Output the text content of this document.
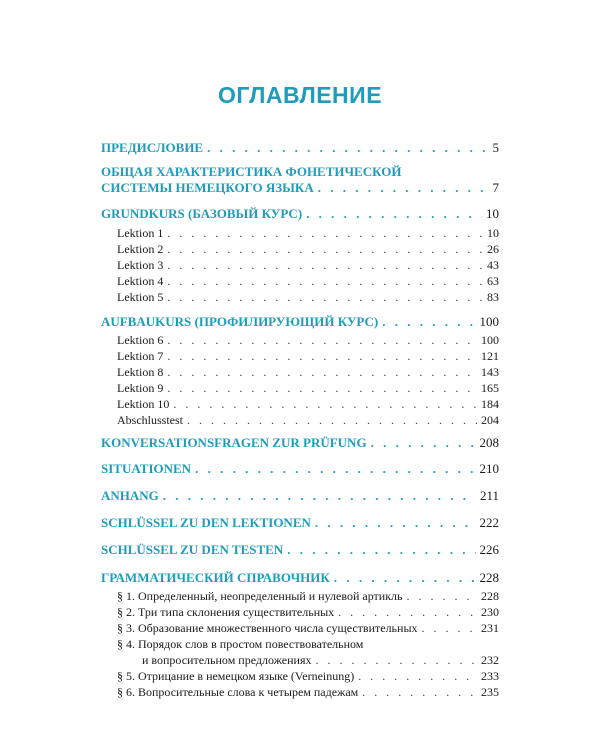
ОГЛАВЛЕНИЕ
ПРЕДИСЛОВИЕ . . .	5
ОБЩАЯ ХАРАКТЕРИСТИКА ФОНЕТИЧЕСКОЙ
СИСТЕМЫ НЕМЕЦКОГО ЯЗЫКА . . .	7
GRUNDKURS (БАЗОВЫЙ КУРС) . . .	10
Lektion 1 . . .	10
Lektion 2 . . .	26
Lektion 3 . . .	43
Lektion 4 . . .	63
Lektion 5 . . .	83
AUFBAUKURS (ПРОФИЛИРУЮЩИЙ КУРС) . . .	100
Lektion 6 . . .	100
Lektion 7 . . .	121
Lektion 8 . . .	143
Lektion 9 . . .	165
Lektion 10 . . .	184
Abschlusstest . . .	204
KONVERSATIONSFRAGEN ZUR PRÜFUNG . . .	208
SITUATIONEN . . .	210
ANHANG . . .	211
SCHLÜSSEL ZU DEN LEKTIONEN . . .	222
SCHLÜSSEL ZU DEN TESTEN . . .	226
ГРАММАТИЧЕСКИЙ СПРАВОЧНИК . . .	228
§ 1. Определенный, неопределенный и нулевой артикль . . .	228
§ 2. Три типа склонения существительных . . .	230
§ 3. Образование множественного числа существительных . . .	231
§ 4. Порядок слов в простом повествовательном
и вопросительном предложениях . . .	232
§ 5. Отрицание в немецком языке (Verneinung) . . .	233
§ 6. Вопросительные слова к четырем падежам . . .	235
